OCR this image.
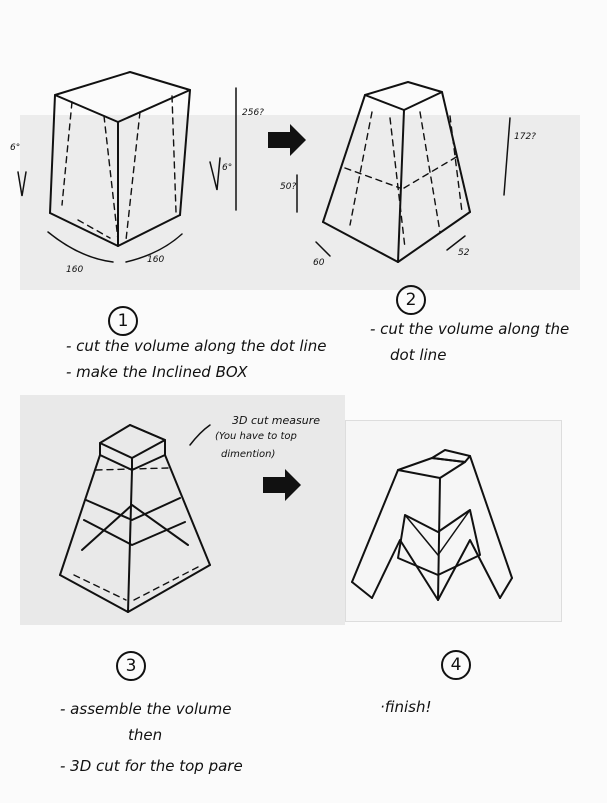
256?
6°
6°
160
160
1
- cut the volume along the dot line
- make the Inclined BOX
172?
50?
60
52
2
- cut the volume along the
dot line
3D cut measure
(You have to top
dimention)
3
- assemble the volume
then
- 3D cut for the top pare
4
·finish!
